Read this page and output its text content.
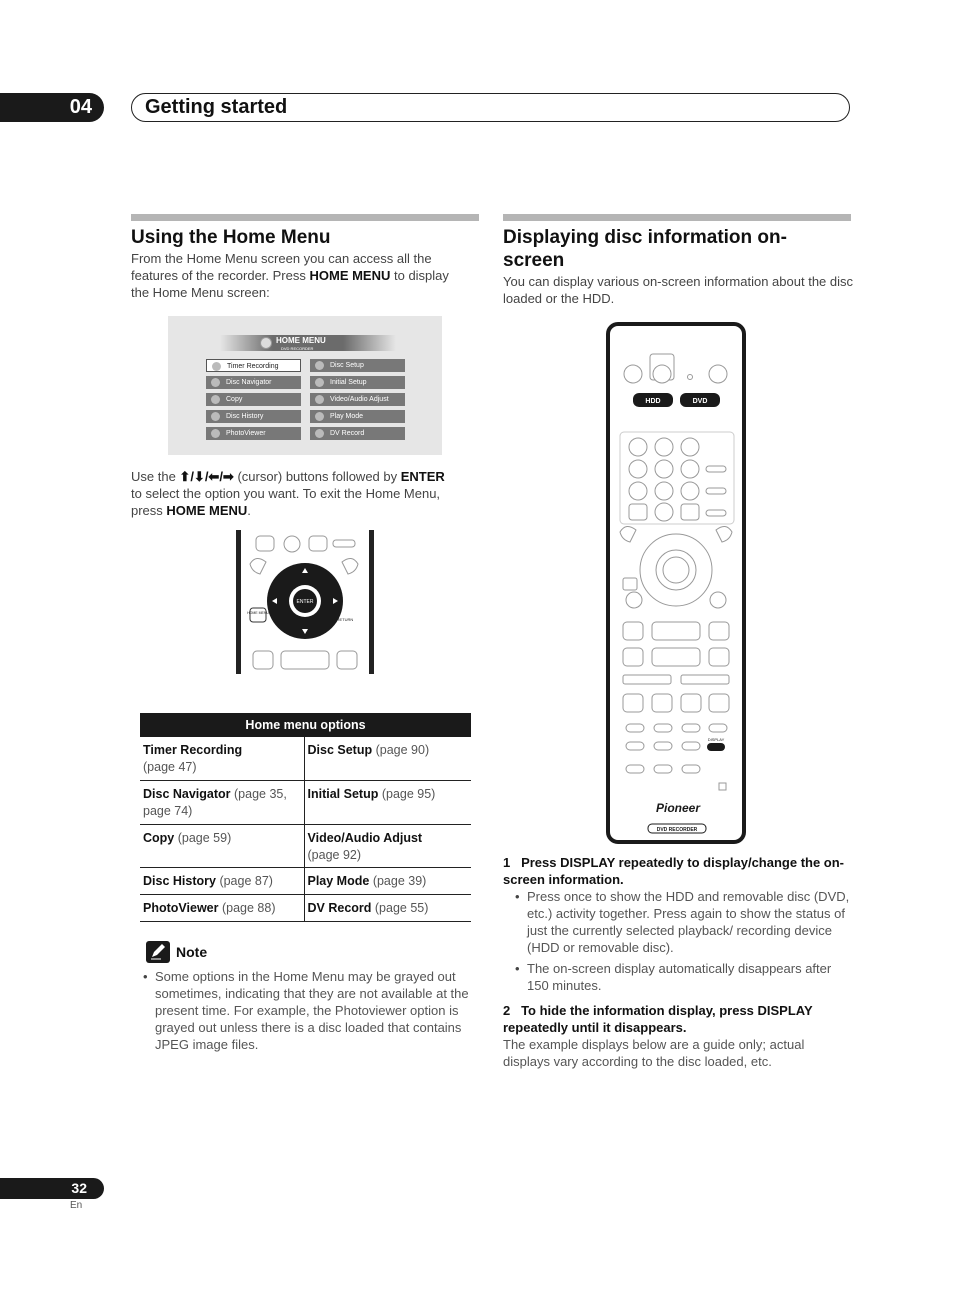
04	Getting started
Using the Home Menu
From the Home Menu screen you can access all the
features of the recorder. Press HOME MENU to display
the Home Menu screen:
HOME MENU
DVD RECORDER
Timer Recording
Disc Navigator
Copy
Disc History
PhotoViewer
Disc Setup
Initial Setup
Video/Audio Adjust
Play Mode
DV Record
Use the ⬆/⬇/⬅/➡ (cursor) buttons followed by ENTER
to select the option you want. To exit the Home Menu,
press HOME MENU.
ENTER
HOME MENU
RETURN
Home menu options	
Timer Recording
(page 47)	Disc Setup (page 90)
Disc Navigator (page 35, page 74)	Initial Setup (page 95)
Copy (page 59)	Video/Audio Adjust
(page 92)
Disc History (page 87)	Play Mode (page 39)
PhotoViewer (page 88)	DV Record (page 55)
Note
• Some options in the Home Menu may be grayed out sometimes, indicating that they are not available at the present time. For example, the Photoviewer option is grayed out unless there is a disc loaded that contains JPEG image files.
Displaying disc information on-
screen
You can display various on-screen information about the disc loaded or the HDD.
HDD	DVD
DISPLAY
Pioneer
DVD RECORDER
1 Press DISPLAY repeatedly to display/change the on-screen information.
• Press once to show the HDD and removable disc (DVD, etc.) activity together. Press again to show the status of just the currently selected playback/ recording device (HDD or removable disc).
• The on-screen display automatically disappears after 150 minutes.
2 To hide the information display, press DISPLAY repeatedly until it disappears.
The example displays below are a guide only; actual displays vary according to the disc loaded, etc.
32
En
